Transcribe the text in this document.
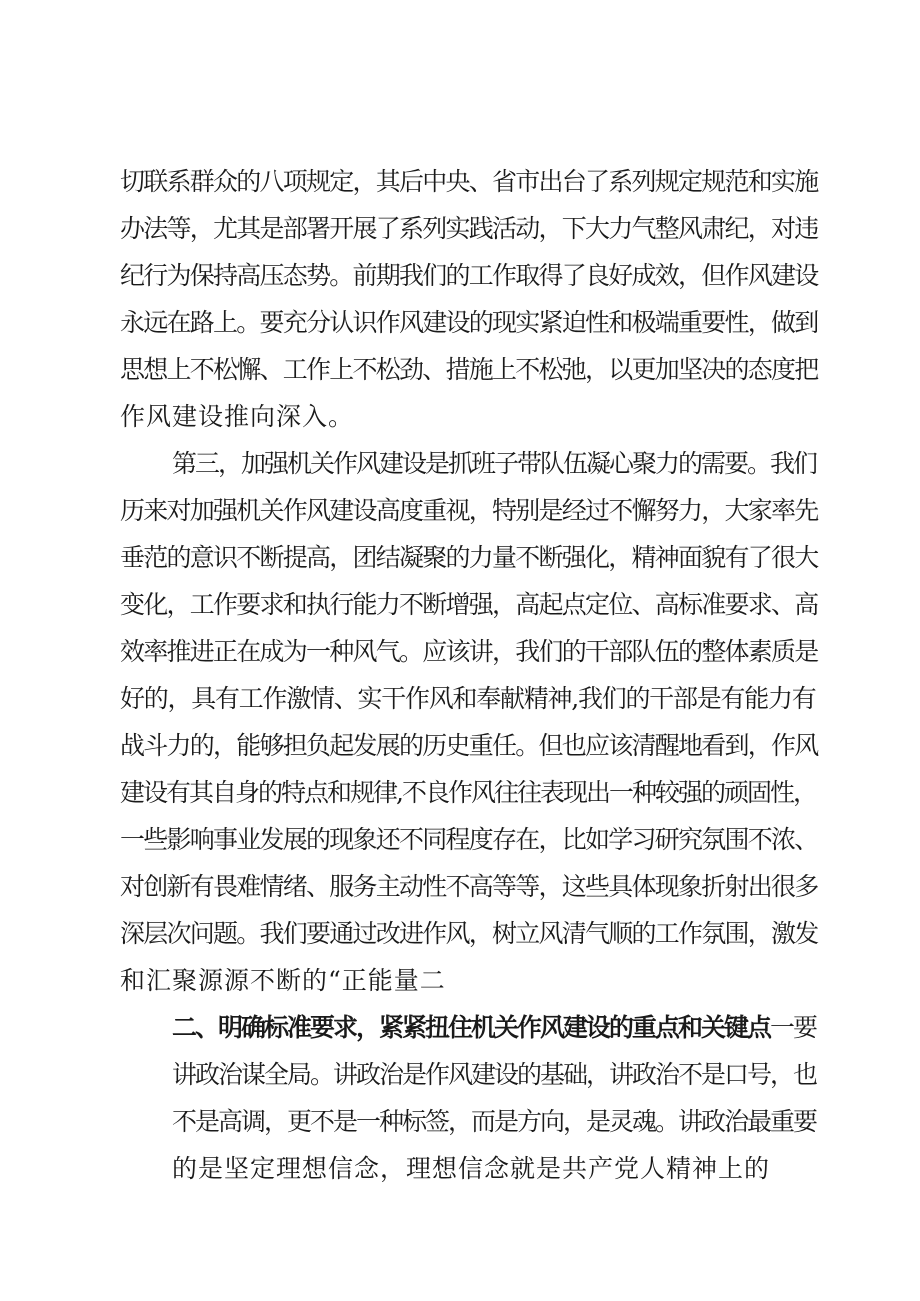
切联系群众的八项规定，其后中央、省市出台了系列规定规范和实施
办法等，尤其是部署开展了系列实践活动，下大力气整风肃纪，对违
纪行为保持高压态势。前期我们的工作取得了良好成效，但作风建设
永远在路上。要充分认识作风建设的现实紧迫性和极端重要性，做到
思想上不松懈、工作上不松劲、措施上不松弛，以更加坚决的态度把
作风建设推向深入。
第三，加强机关作风建设是抓班子带队伍凝心聚力的需要。我们
历来对加强机关作风建设高度重视，特别是经过不懈努力，大家率先
垂范的意识不断提高，团结凝聚的力量不断强化，精神面貌有了很大
变化，工作要求和执行能力不断增强，高起点定位、高标准要求、高
效率推进正在成为一种风气。应该讲，我们的干部队伍的整体素质是
好的，具有工作激情、实干作风和奉献精神,我们的干部是有能力有
战斗力的，能够担负起发展的历史重任。但也应该清醒地看到，作风
建设有其自身的特点和规律,不良作风往往表现出一种较强的顽固性，
一些影响事业发展的现象还不同程度存在，比如学习研究氛围不浓、
对创新有畏难情绪、服务主动性不高等等，这些具体现象折射出很多
深层次问题。我们要通过改进作风，树立风清气顺的工作氛围，激发
和汇聚源源不断的“正能量二
二、明确标准要求，紧紧扭住机关作风建设的重点和关键点一要
讲政治谋全局。讲政治是作风建设的基础，讲政治不是口号，也
不是高调，更不是一种标签，而是方向，是灵魂。讲政治最重要
的是坚定理想信念，理想信念就是共产党人精神上的
